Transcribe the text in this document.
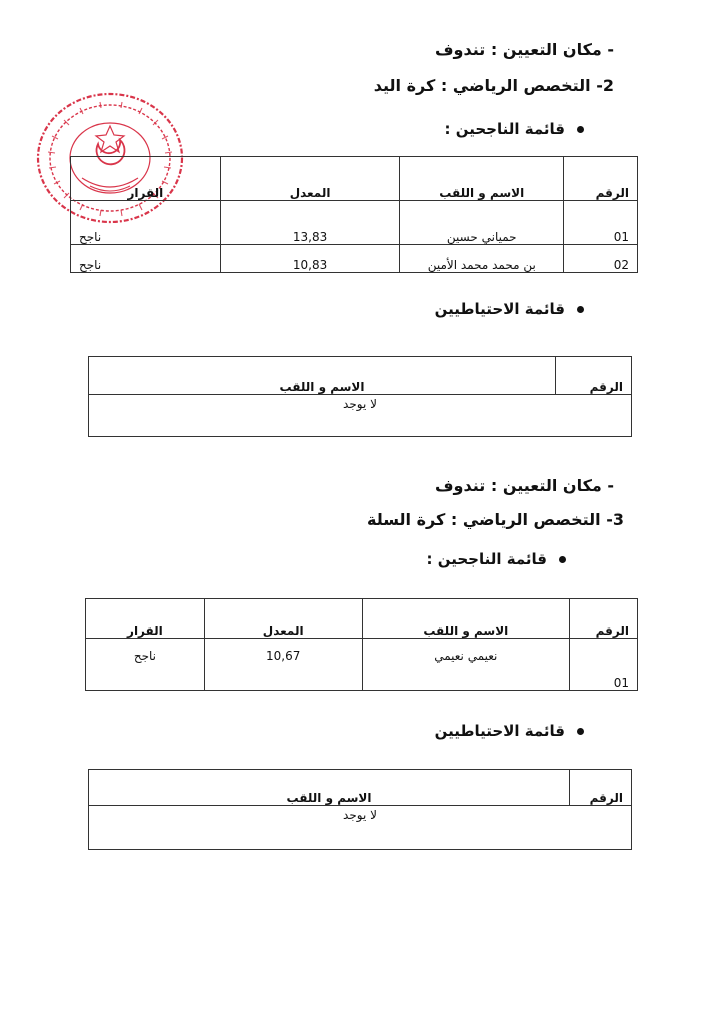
- مكان التعيين : تندوف
2- التخصص الرياضي : كرة اليد
قائمة الناجحين :
الرقم	الاسم و اللقب	المعدل	القرار
01	حمياني حسين	13,83	ناجح
02	بن محمد محمد الأمين	10,83	ناجح
قائمة الاحتياطيين
الرقم	الاسم و اللقب
لا يوجد
- مكان التعيين : تندوف
3- التخصص الرياضي : كرة السلة
قائمة الناجحين :
الرقم	الاسم و اللقب	المعدل	القرار
01	نعيمي نعيمي	10,67	ناجح
قائمة الاحتياطيين
الرقم	الاسم و اللقب
لا يوجد
